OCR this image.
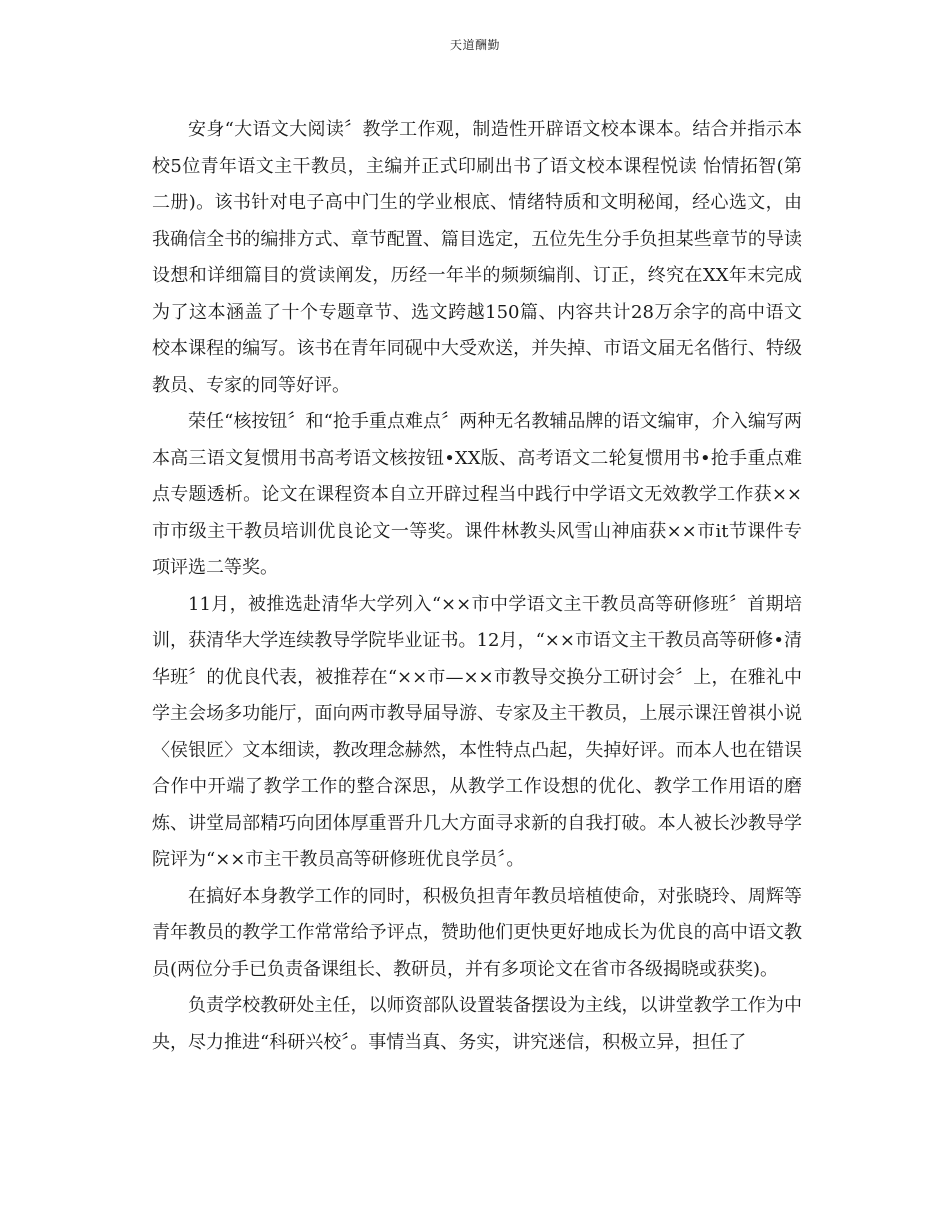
天道酬勤

安身“大语文大阅读〞教学工作观，制造性开辟语文校本课本。结合并指示本校5位青年语文主干教员，主编并正式印刷出书了语文校本课程悦读 怡情拓智(第二册)。该书针对电子高中门生的学业根底、情绪特质和文明秘闻，经心选文，由我确信全书的编排方式、章节配置、篇目选定，五位先生分手负担某些章节的导读设想和详细篇目的赏读阐发，历经一年半的频频编削、订正，终究在XX年末完成为了这本涵盖了十个专题章节、选文跨越150篇、内容共计28万余字的高中语文校本课程的编写。该书在青年同砚中大受欢送，并失掉、市语文届无名偕行、特级教员、专家的同等好评。

荣任“核按钮〞和“抢手重点难点〞两种无名教辅品牌的语文编审，介入编写两本高三语文复惯用书高考语文核按钮•XX版、高考语文二轮复惯用书•抢手重点难点专题透析。论文在课程资本自立开辟过程当中践行中学语文无效教学工作获××市市级主干教员培训优良论文一等奖。课件林教头风雪山神庙获××市it节课件专项评选二等奖。

11月，被推选赴清华大学列入“××市中学语文主干教员高等研修班〞首期培训，获清华大学连续教导学院毕业证书。12月，“××市语文主干教员高等研修•清华班〞的优良代表，被推荐在“××市—××市教导交换分工研讨会〞上，在雅礼中学主会场多功能厅，面向两市教导届导游、专家及主干教员，上展示课汪曾祺小说〈侯银匠〉文本细读，教改理念赫然，本性特点凸起，失掉好评。而本人也在错误合作中开端了教学工作的整合深思，从教学工作设想的优化、教学工作用语的磨炼、讲堂局部精巧向团体厚重晋升几大方面寻求新的自我打破。本人被长沙教导学院评为“××市主干教员高等研修班优良学员〞。

在搞好本身教学工作的同时，积极负担青年教员培植使命，对张晓玲、周辉等青年教员的教学工作常常给予评点，赞助他们更快更好地成长为优良的高中语文教员(两位分手已负责备课组长、教研员，并有多项论文在省市各级揭晓或获奖)。

负责学校教研处主任，以师资部队设置装备摆设为主线，以讲堂教学工作为中央，尽力推进“科研兴校〞。事情当真、务实，讲究迷信，积极立异，担任了
